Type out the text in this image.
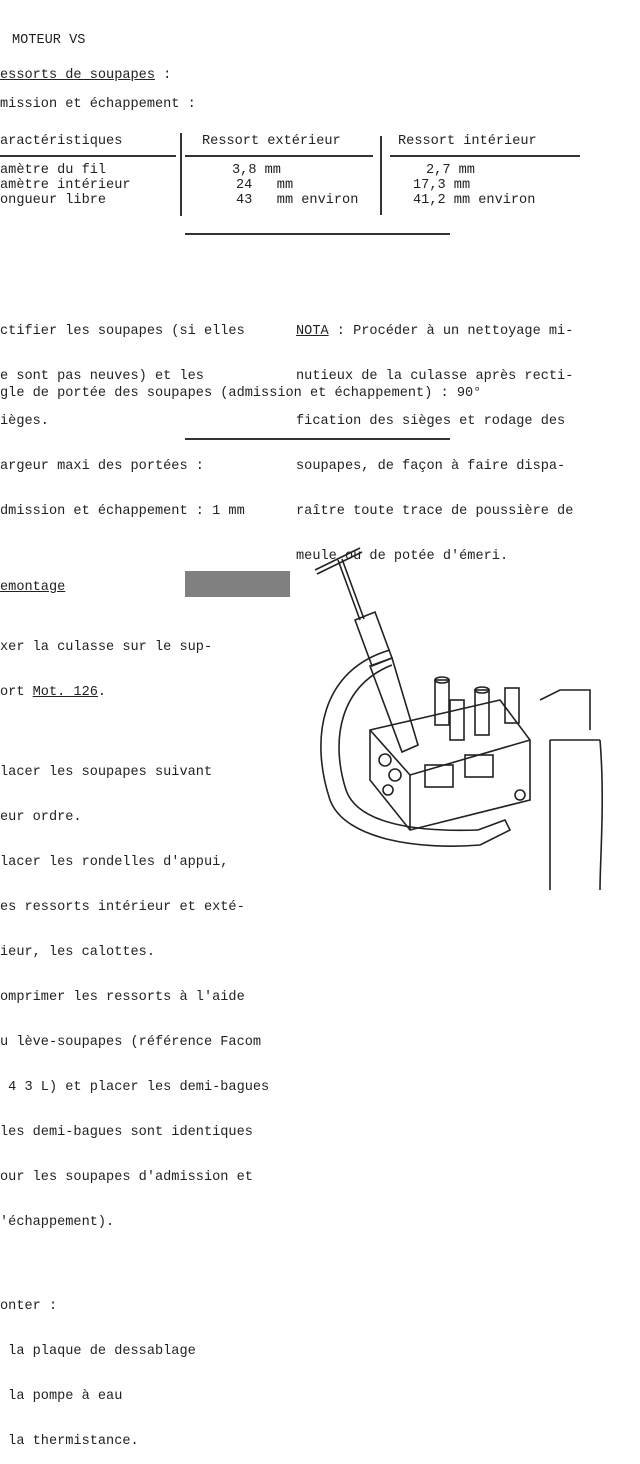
MOTEUR VS
essorts de soupapes :
mission et échappement :
aractéristiques	Ressort extérieur	Ressort intérieur
amètre du fil	3,8 mm	2,7 mm
amètre intérieur	24   mm	17,3 mm
ongueur libre	43   mm environ	41,2 mm environ

ctifier les soupapes (si elles

e sont pas neuves) et les

ièges.

argeur maxi des portées :

dmission et échappement : 1 mm

NOTA : Procéder à un nettoyage mi-

nutieux de la culasse après recti-

fication des sièges et rodage des

soupapes, de façon à faire dispa-

raître toute trace de poussière de

meule ou de potée d'émeri.

gle de portée des soupapes (admission et échappement) : 90°
emontage

xer la culasse sur le sup-

ort Mot. 126.

lacer les soupapes suivant

eur ordre.

lacer les rondelles d'appui,

es ressorts intérieur et exté-

ieur, les calottes.

omprimer les ressorts à l'aide

u lève-soupapes (référence Facom

4 3 L) et placer les demi-bagues

les demi-bagues sont identiques

our les soupapes d'admission et

'échappement).

onter :

la plaque de dessablage

la pompe à eau

la thermistance.
